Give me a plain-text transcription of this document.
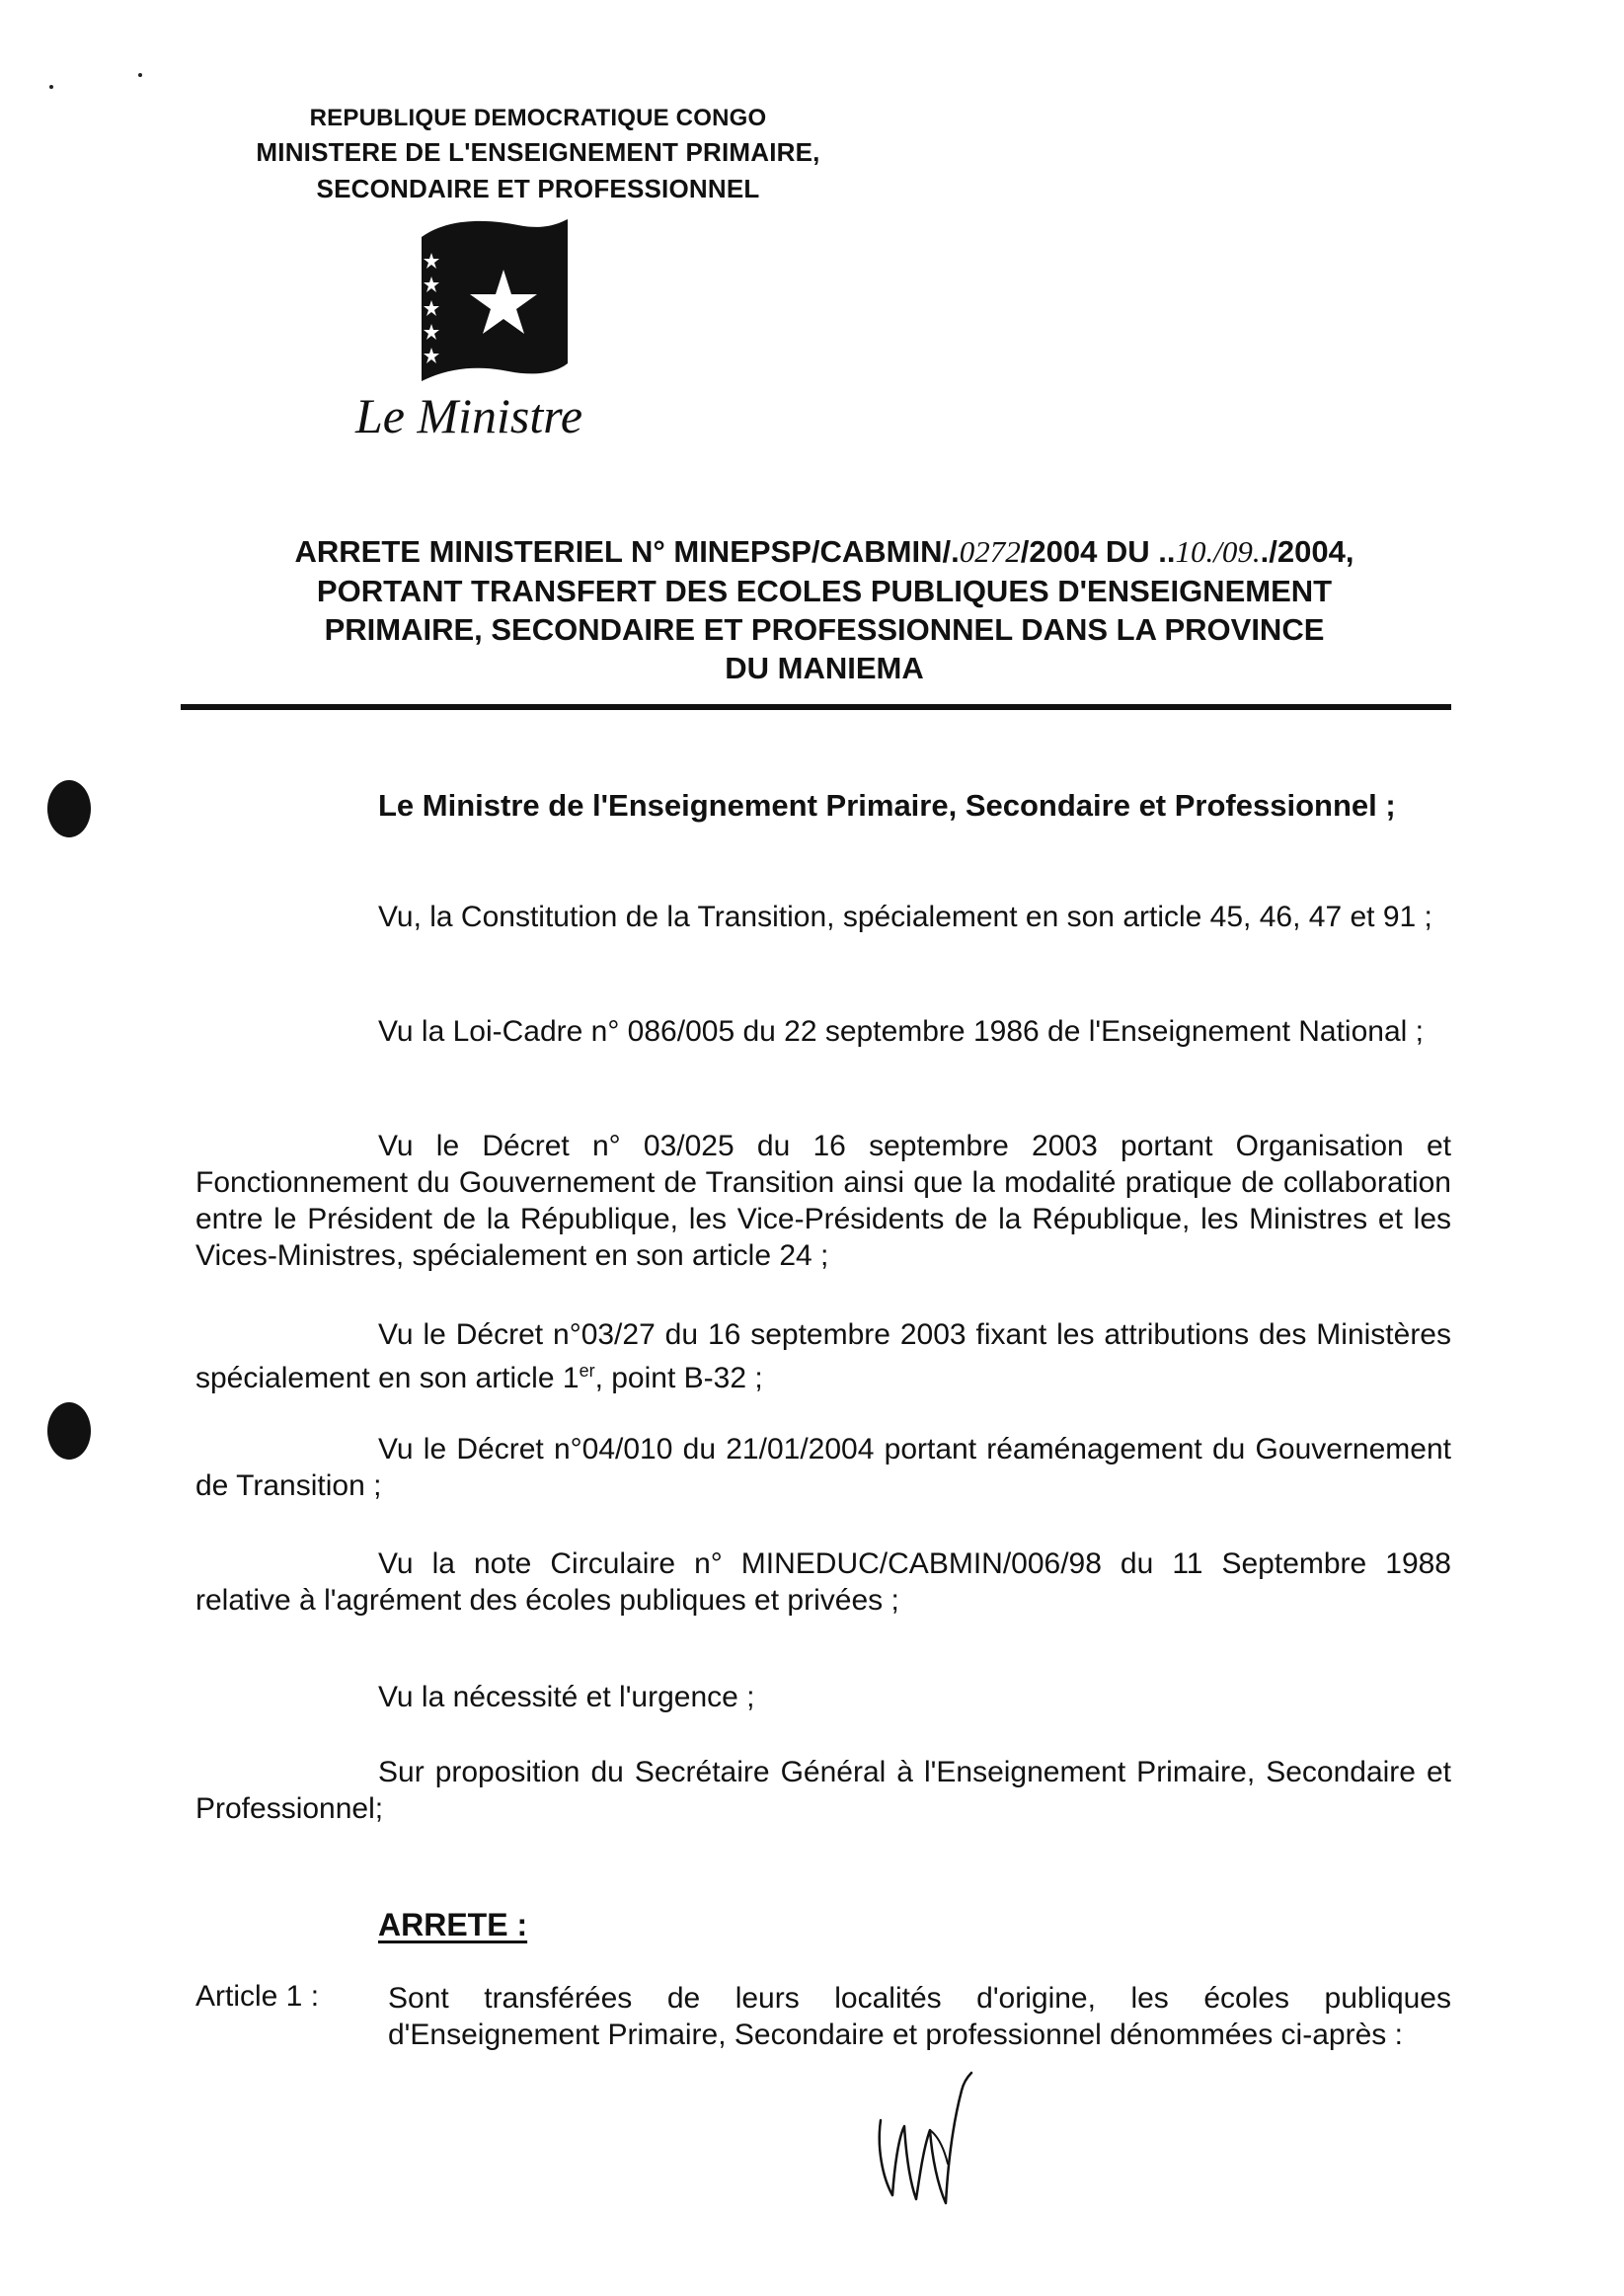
REPUBLIQUE DEMOCRATIQUE CONGO
MINISTERE DE L'ENSEIGNEMENT PRIMAIRE,
SECONDAIRE ET PROFESSIONNEL
Le Ministre
ARRETE MINISTERIEL N° MINEPSP/CABMIN/.0272/2004 DU ..10./09../2004,
PORTANT TRANSFERT DES ECOLES PUBLIQUES D'ENSEIGNEMENT
PRIMAIRE, SECONDAIRE ET PROFESSIONNEL DANS LA PROVINCE
DU MANIEMA
Le Ministre de l'Enseignement Primaire, Secondaire et Professionnel ;
Vu, la Constitution de la Transition, spécialement en son article 45, 46, 47 et 91 ;
Vu la Loi-Cadre n° 086/005 du 22 septembre 1986 de l'Enseignement National ;
Vu le Décret n° 03/025 du 16 septembre 2003 portant Organisation et Fonctionnement du Gouvernement de Transition ainsi que la modalité pratique de collaboration entre le Président de la République, les Vice-Présidents de la République, les Ministres et les Vices-Ministres, spécialement en son article 24 ;
Vu le Décret n°03/27 du 16 septembre 2003 fixant les attributions des Ministères spécialement en son article 1er, point B-32 ;
Vu le Décret n°04/010 du 21/01/2004 portant réaménagement du Gouvernement de Transition ;
Vu la note Circulaire n° MINEDUC/CABMIN/006/98 du 11 Septembre 1988 relative à l'agrément des écoles publiques et privées ;
Vu la nécessité et l'urgence ;
Sur proposition du Secrétaire Général à l'Enseignement Primaire, Secondaire et Professionnel;
ARRETE :
Article 1 : Sont transférées de leurs localités d'origine, les écoles publiques d'Enseignement Primaire, Secondaire et professionnel dénommées ci-après :
